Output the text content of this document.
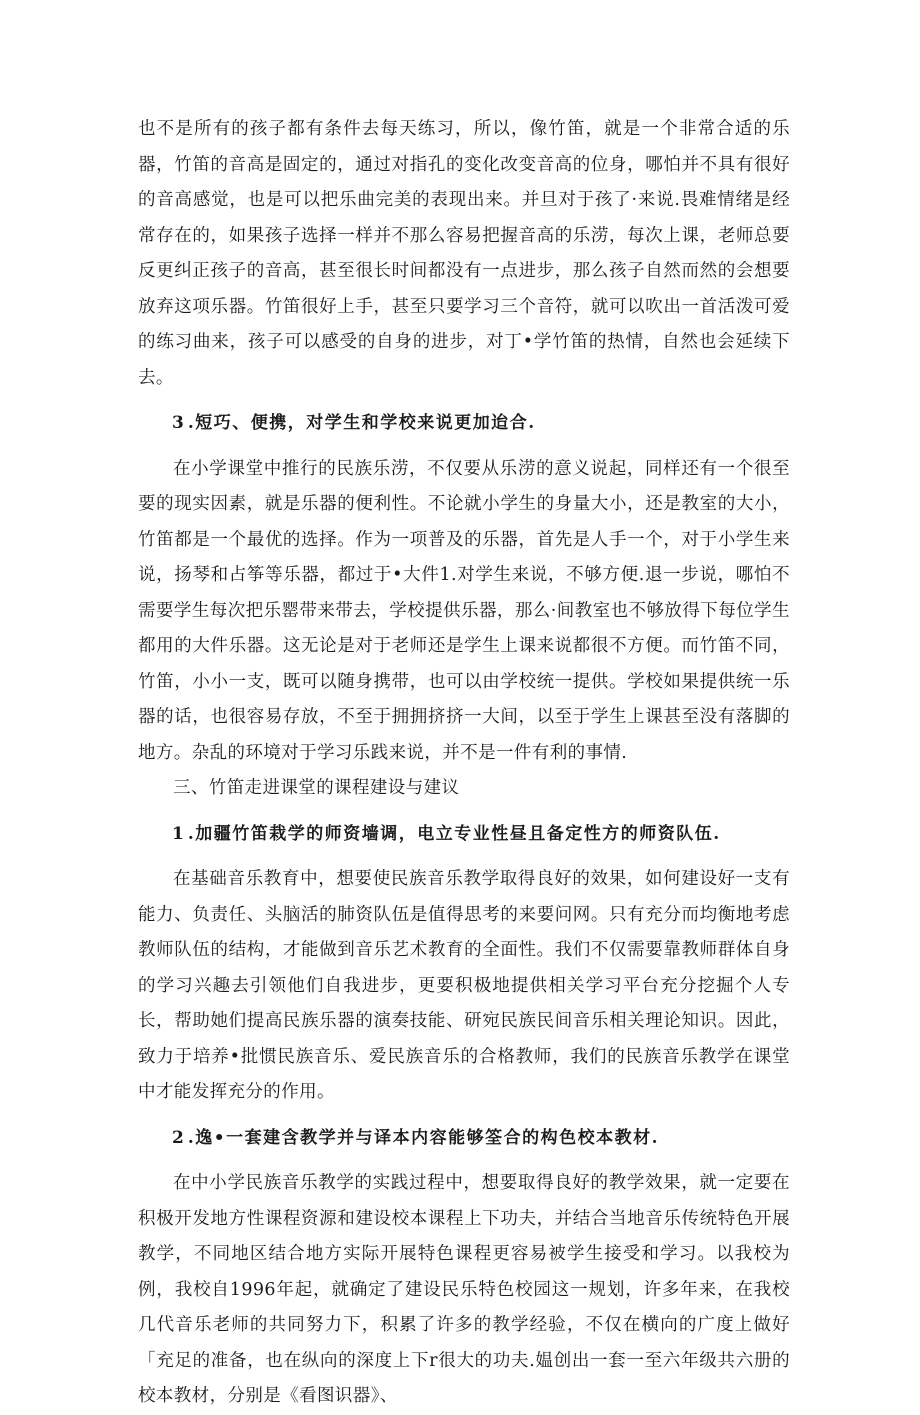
也不是所有的孩子都有条件去每天练习，所以，像竹笛，就是一个非常合适的乐器，竹笛的音高是固定的，通过对指孔的变化改变音高的位身，哪怕并不具有很好的音高感觉，也是可以把乐曲完美的表现出来。并旦对于孩了·来说.畏难情绪是经常存在的，如果孩子选择一样并不那么容易把握音高的乐涝，每次上课，老师总要反更纠正孩子的音高，甚至很长时间都没有一点进步，那么孩子自然而然的会想要放弃这项乐器。竹笛很好上手，甚至只要学习三个音符，就可以吹出一首活泼可爱的练习曲来，孩子可以感受的自身的进步，对丁•学竹笛的热情，自然也会延续下去。

3.短巧、便携，对学生和学校来说更加迨合.

在小学课堂中推行的民族乐涝，不仅要从乐涝的意义说起，同样还有一个很至要的现实因素，就是乐器的便利性。不论就小学生的身量大小，还是教室的大小，竹笛都是一个最优的选择。作为一项普及的乐器，首先是人手一个，对于小学生来说，扬琴和占筝等乐器，都过于•大件1.对学生来说，不够方便.退一步说，哪怕不需要学生每次把乐罂带来带去，学校提供乐器，那么·间教室也不够放得下每位学生都用的大件乐器。这无论是对于老师还是学生上课来说都很不方便。而竹笛不同，竹笛，小小一支，既可以随身携带，也可以由学校统一提供。学校如果提供统一乐器的话，也很容易存放，不至于拥拥挤挤一大间，以至于学生上课甚至没有落脚的地方。杂乱的环境对于学习乐践来说，并不是一件有利的事情.

三、竹笛走进课堂的课程建设与建议

1.加疆竹笛栽学的师资墙调，电立专业性昼且备定性方的师资队伍.

在基础音乐教育中，想要使民族音乐教学取得良好的效果，如何建设好一支有能力、负责任、头脑活的肺资队伍是值得思考的来要问网。只有充分而均衡地考虑教师队伍的结构，才能做到音乐艺术教育的全面性。我们不仅需要靠教师群体自身的学习兴趣去引领他们自我进步，更要积极地提供相关学习平台充分挖掘个人专长，帮助她们提高民族乐器的演奏技能、研宛民族民间音乐相关理论知识。因此，致力于培养•批惯民族音乐、爱民族音乐的合格教师，我们的民族音乐教学在课堂中才能发挥充分的作用。

2.逸•一套建含教学并与译本内容能够筌合的构色校本教材.

在中小学民族音乐教学的实践过程中，想要取得良好的教学效果，就一定要在积极开发地方性课程资源和建设校本课程上下功夫，并结合当地音乐传统特色开展教学，不同地区结合地方实际开展特色课程更容易被学生接受和学习。以我校为例，我校自1996年起，就确定了建设民乐特色校园这一规划，许多年来，在我校几代音乐老师的共同努力下，积累了许多的教学经验，不仅在横向的广度上做好「充足的准备，也在纵向的深度上下r很大的功夫.媪创出一套一至六年级共六册的校本教材，分别是《看图识器》、
